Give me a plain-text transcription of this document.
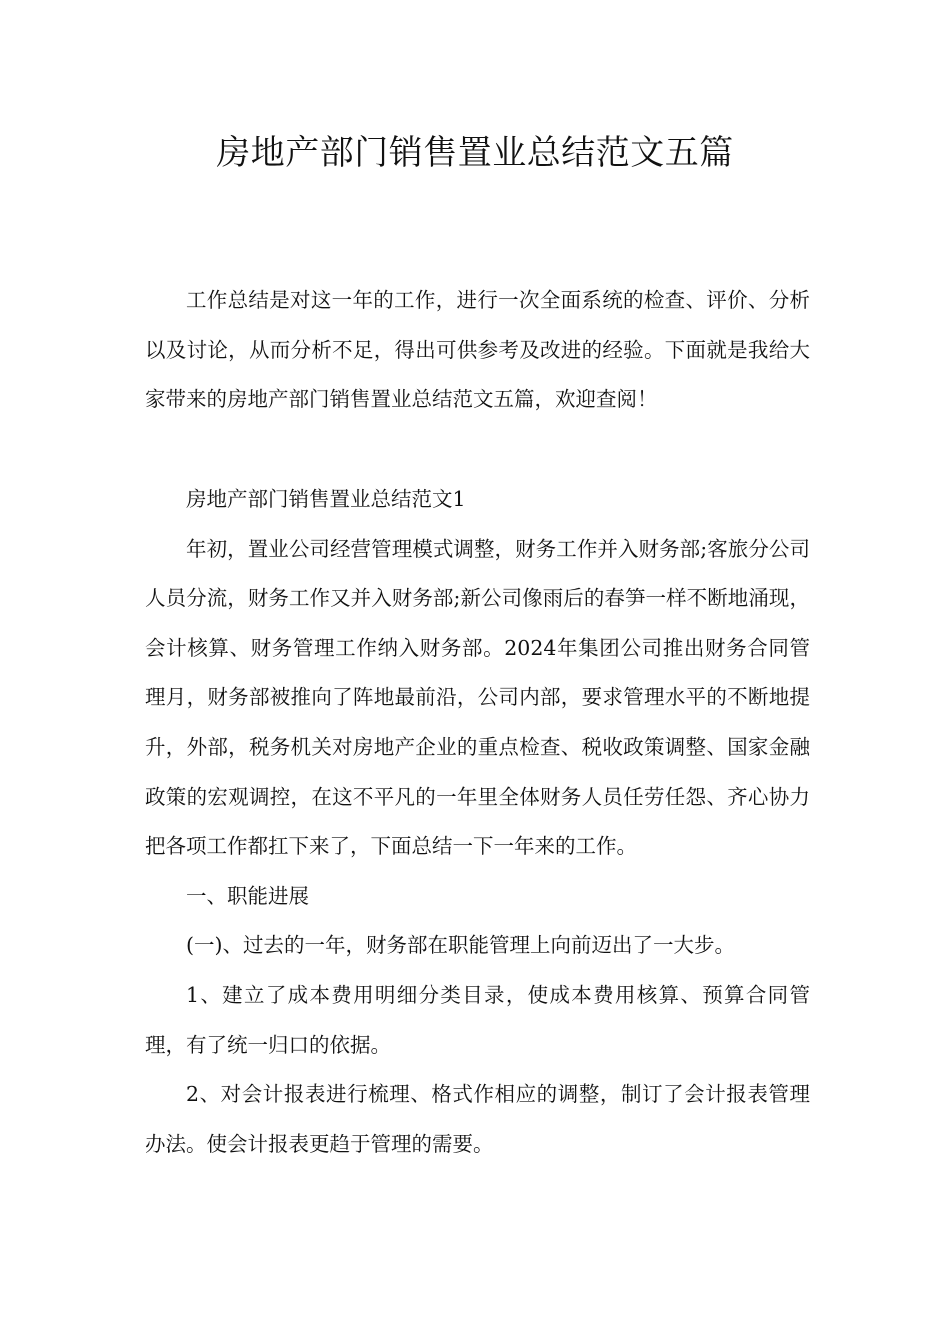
房地产部门销售置业总结范文五篇

工作总结是对这一年的工作，进行一次全面系统的检查、评价、分析以及讨论，从而分析不足，得出可供参考及改进的经验。下面就是我给大家带来的房地产部门销售置业总结范文五篇，欢迎查阅！

房地产部门销售置业总结范文1

年初，置业公司经营管理模式调整，财务工作并入财务部;客旅分公司人员分流，财务工作又并入财务部;新公司像雨后的春笋一样不断地涌现，会计核算、财务管理工作纳入财务部。2024年集团公司推出财务合同管理月，财务部被推向了阵地最前沿，公司内部，要求管理水平的不断地提升，外部，税务机关对房地产企业的重点检查、税收政策调整、国家金融政策的宏观调控，在这不平凡的一年里全体财务人员任劳任怨、齐心协力把各项工作都扛下来了，下面总结一下一年来的工作。

一、职能进展

(一)、过去的一年，财务部在职能管理上向前迈出了一大步。

1、建立了成本费用明细分类目录，使成本费用核算、预算合同管理，有了统一归口的依据。

2、对会计报表进行梳理、格式作相应的调整，制订了会计报表管理办法。使会计报表更趋于管理的需要。
